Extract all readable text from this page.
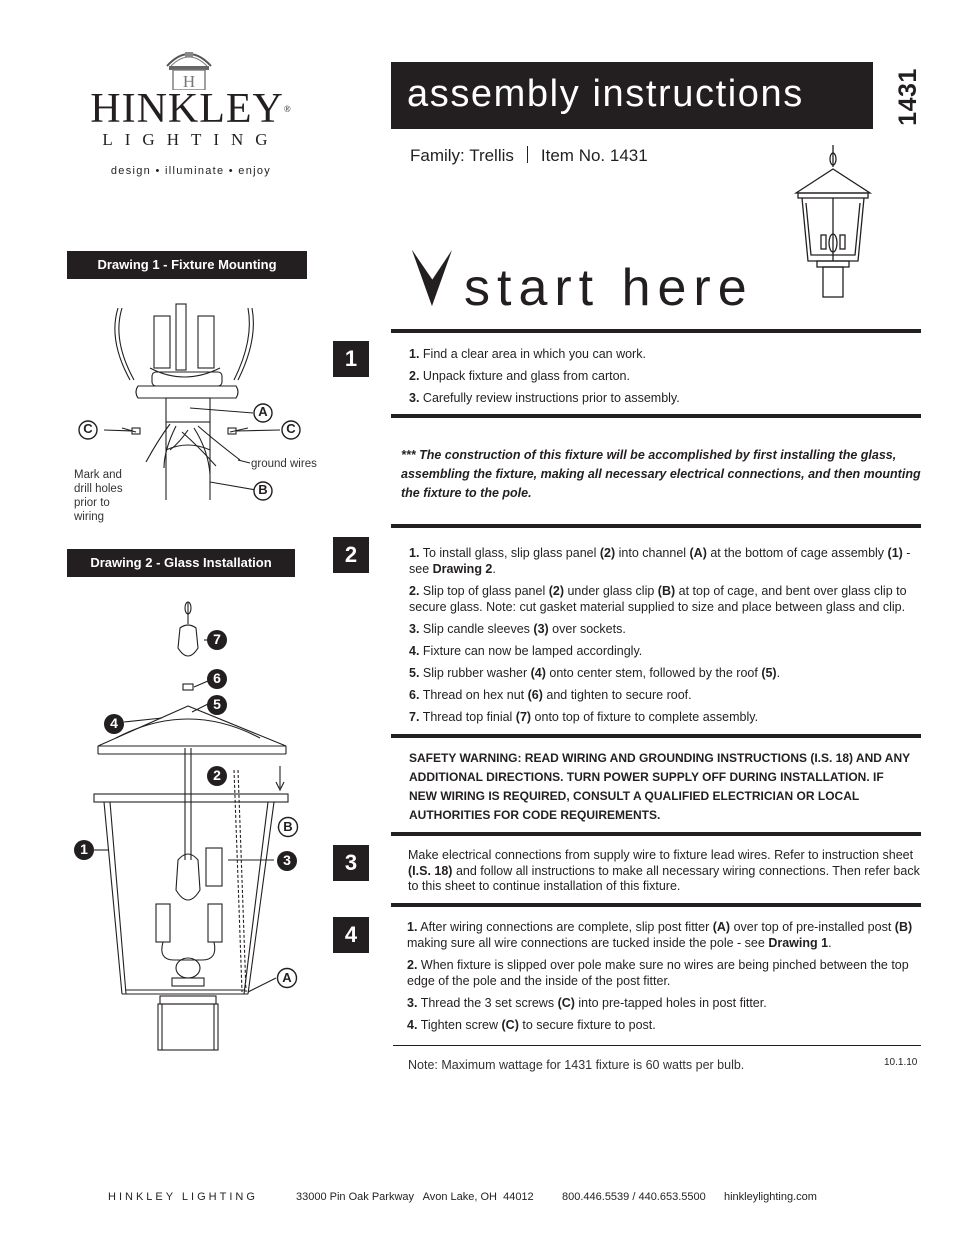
H
HINKLEY®
LIGHTING
design • illuminate • enjoy
assembly instructions	1431
Family: Trellis Item No. 1431
start here
Drawing 1 - Fixture Mounting
A
C	C
B
ground wires
Mark and drill holes prior to wiring
Drawing 2 - Glass Installation
7
6
5
4
2
B
1
3
A
1	1. Find a clear area in which you can work.
2. Unpack fixture and glass from carton.
3. Carefully review instructions prior to assembly.
*** The construction of this fixture will be accomplished by first installing the glass, assembling the fixture, making all necessary electrical connections, and then mounting the fixture to the pole.
2	1. To install glass, slip glass panel (2) into channel (A) at the bottom of cage assembly (1) - see Drawing 2.
2. Slip top of glass panel (2) under glass clip (B) at top of cage, and bent over glass clip to secure glass. Note: cut gasket material supplied to size and place between glass and clip.
3. Slip candle sleeves (3) over sockets.
4. Fixture can now be lamped accordingly.
5. Slip rubber washer (4) onto center stem, followed by the roof (5).
6. Thread on hex nut (6) and tighten to secure roof.
7. Thread top finial (7) onto top of fixture to complete assembly.
SAFETY WARNING: READ WIRING AND GROUNDING INSTRUCTIONS (I.S. 18) AND ANY ADDITIONAL DIRECTIONS. TURN POWER SUPPLY OFF DURING INSTALLATION. IF NEW WIRING IS REQUIRED, CONSULT A QUALIFIED ELECTRICIAN OR LOCAL AUTHORITIES FOR CODE REQUIREMENTS.
3	Make electrical connections from supply wire to fixture lead wires. Refer to instruction sheet (I.S. 18) and follow all instructions to make all necessary wiring connections. Then refer back to this sheet to continue installation of this fixture.
4	1. After wiring connections are complete, slip post fitter (A) over top of pre-installed post (B) making sure all wire connections are tucked inside the pole - see Drawing 1.
2. When fixture is slipped over pole make sure no wires are being pinched between the top edge of the pole and the inside of the post fitter.
3. Thread the 3 set screws (C) into pre-tapped holes in post fitter.
4. Tighten screw (C) to secure fixture to post.
Note: Maximum wattage for 1431 fixture is 60 watts per bulb.	10.1.10
HINKLEY LIGHTING	33000 Pin Oak Parkway   Avon Lake, OH  44012	800.446.5539 / 440.653.5500 hinkleylighting.com
